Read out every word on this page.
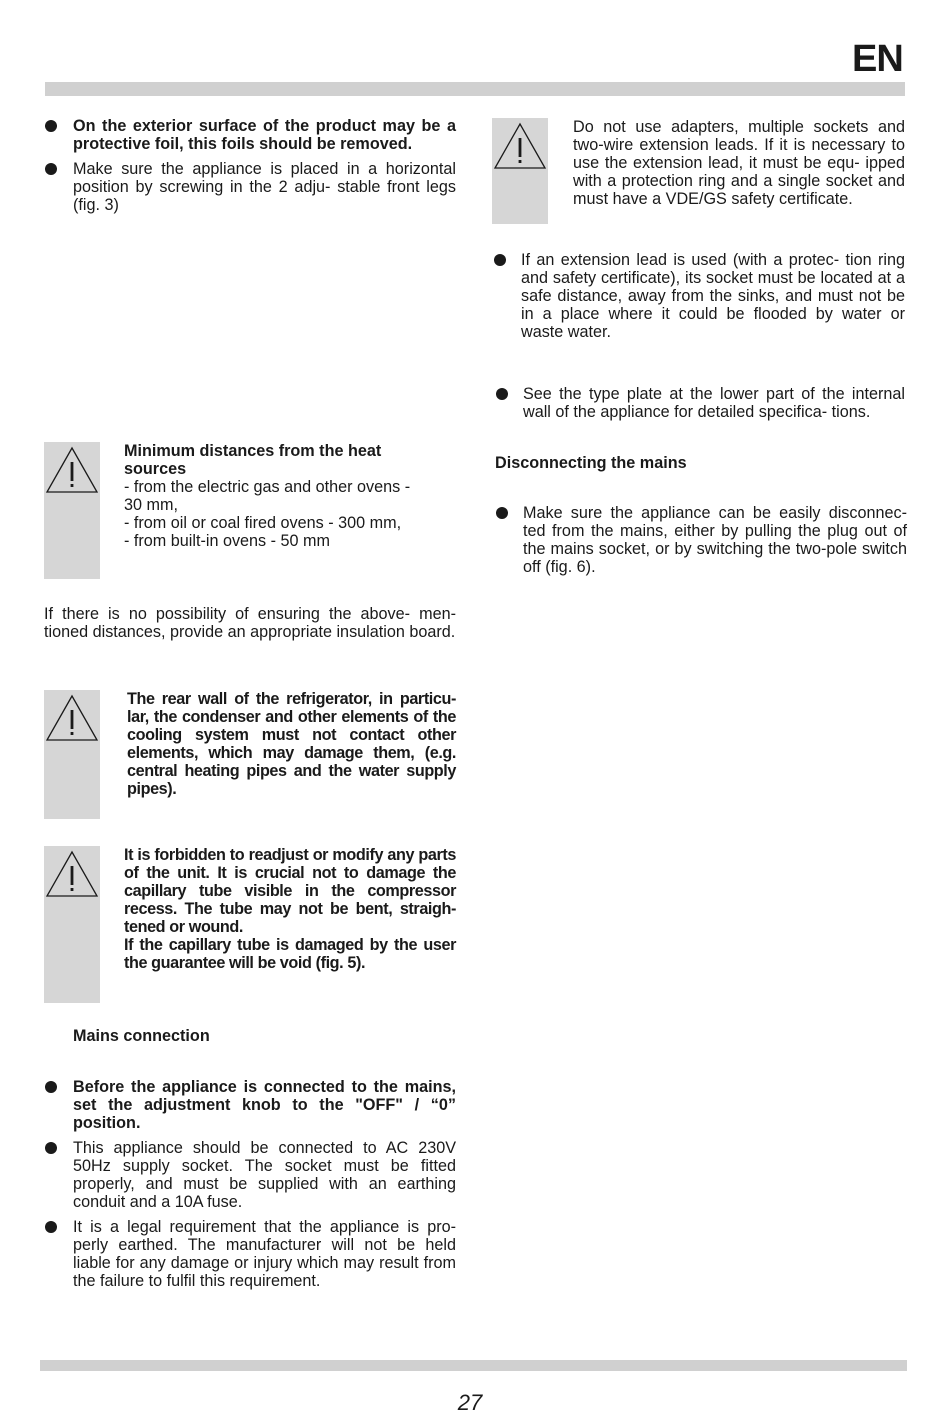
EN
On the exterior surface of the product may be a protective foil, this foils should be removed.
Make sure the appliance is placed in a horizontal position by screwing in the 2 adju- stable front legs (fig. 3)
Minimum distances from the heat sources
- from the electric gas and other ovens - 30 mm,
- from oil or coal fired ovens - 300 mm,
- from built-in ovens - 50 mm
If there is no possibility of ensuring the above- men- tioned distances, provide an appropriate insulation board.
The rear wall of the refrigerator, in particu- lar, the condenser and other elements of the cooling system must not contact other elements, which may damage them, (e.g. central heating pipes and the water supply pipes).
It is forbidden to readjust or modify any parts of the unit. It is crucial not to damage the capillary tube visible in the compressor recess. The tube may not be bent, straigh- tened or wound.
If the capillary tube is damaged by the user the guarantee will be void (fig. 5).
Mains connection
Before the appliance is connected to the mains, set the adjustment knob to the "OFF" / “0” position.
This appliance should be connected to AC 230V 50Hz supply socket. The socket must be fitted properly, and must be supplied with an earthing conduit and a 10A fuse.
It is a legal requirement that the appliance is pro- perly earthed. The manufacturer will not be held liable for any damage or injury which may result from the failure to fulfil this requirement.
Do not use adapters, multiple sockets and two-wire extension leads. If it is necessary to use the extension lead, it must be equ- ipped with a protection ring and a single socket and must have a VDE/GS safety certificate.
If an extension lead is used (with a protec- tion ring and safety certificate), its socket must be located at a safe distance, away from the sinks, and must not be in a place where it could be flooded by water or waste water.
See the type plate at the lower part of the internal wall of the appliance for detailed specifica- tions.
Disconnecting the mains
Make sure the appliance can be easily disconnec- ted from the mains, either by pulling the plug out of the mains socket, or by switching the two-pole switch off (fig. 6).
27
